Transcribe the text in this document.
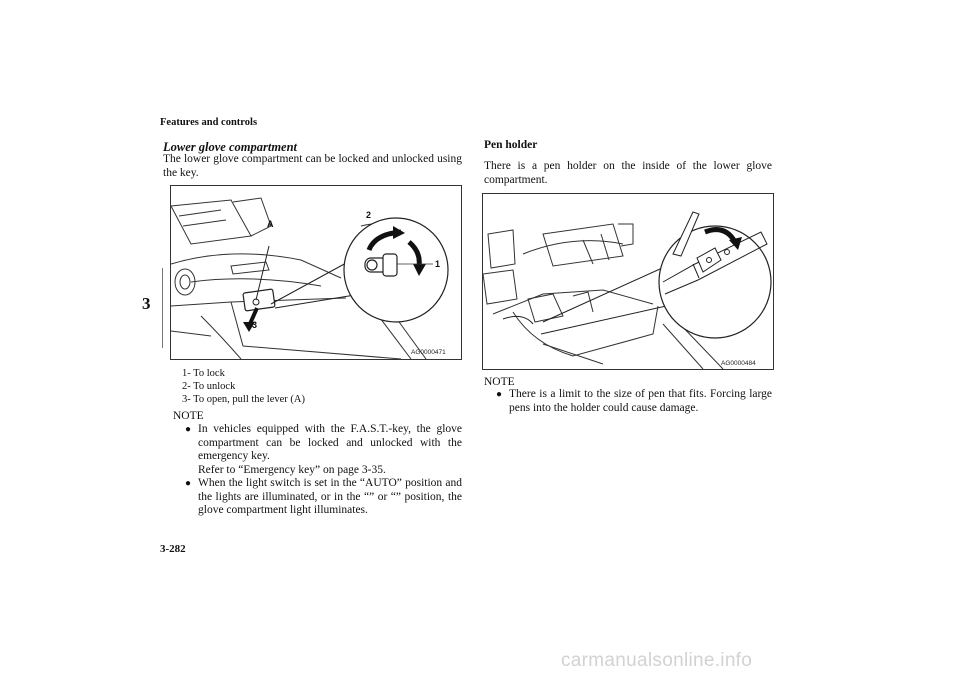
Features and controls
3
Lower glove compartment
The lower glove compartment can be locked and unlocked using the key.
AG0000471
A
2
1
3
1- To lock
2- To unlock
3- To open, pull the lever (A)
NOTE
● In vehicles equipped with the F.A.S.T.-key, the glove compartment can be locked and unlocked with the emergency key.
Refer to “Emergency key” on page 3-35.
● When the light switch is set in the “AUTO” position and the lights are illuminated, or in the “” or “” position, the glove compartment light illuminates.
Pen holder
There is a pen holder on the inside of the lower glove compartment.
AG0000484
NOTE
● There is a limit to the size of pen that fits. Forcing large pens into the holder could cause damage.
3-282
carmanualsonline.info
